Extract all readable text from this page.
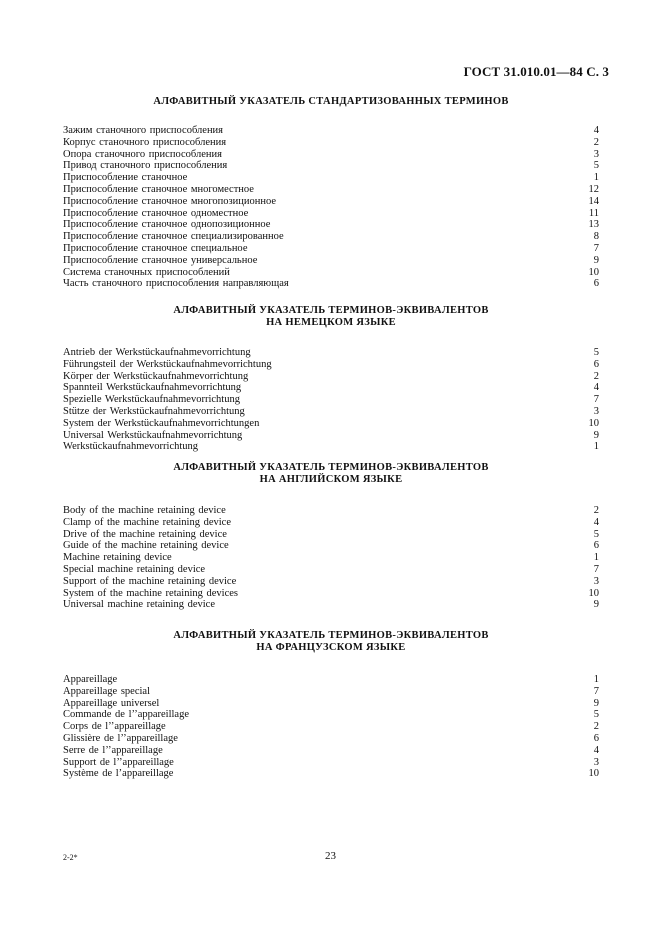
ГОСТ 31.010.01—84 С. 3
АЛФАВИТНЫЙ УКАЗАТЕЛЬ СТАНДАРТИЗОВАННЫХ ТЕРМИНОВ
Зажим станочного приспособления	4
Корпус станочного приспособления	2
Опора станочного приспособления	3
Привод станочного приспособления	5
Приспособление станочное	1
Приспособление станочное многоместное	12
Приспособление станочное многопозиционное	14
Приспособление станочное одноместное	11
Приспособление станочное однопозиционное	13
Приспособление станочное специализированное	8
Приспособление станочное специальное	7
Приспособление станочное универсальное	9
Система станочных приспособлений	10
Часть станочного приспособления направляющая	6
АЛФАВИТНЫЙ УКАЗАТЕЛЬ ТЕРМИНОВ-ЭКВИВАЛЕНТОВ
НА НЕМЕЦКОМ ЯЗЫКЕ
Antrieb der Werkstückaufnahmevorrichtung	5
Führungsteil der Werkstückaufnahmevorrichtung	6
Körper der Werkstückaufnahmevorrichtung	2
Spannteil Werkstückaufnahmevorrichtung	4
Spezielle Werkstückaufnahmevorrichtung	7
Stütze der Werkstückaufnahmevorrichtung	3
System der Werkstückaufnahmevorrichtungen	10
Universal Werkstückaufnahmevorrichtung	9
Werkstückaufnahmevorrichtung	1
АЛФАВИТНЫЙ УКАЗАТЕЛЬ ТЕРМИНОВ-ЭКВИВАЛЕНТОВ
НА АНГЛИЙСКОМ ЯЗЫКЕ
Body of the machine retaining device	2
Clamp of the machine retaining device	4
Drive of the machine retaining device	5
Guide of the machine retaining device	6
Machine retaining device	1
Special machine retaining device	7
Support of the machine retaining device	3
System of the machine retaining devices	10
Universal machine retaining device	9
АЛФАВИТНЫЙ УКАЗАТЕЛЬ ТЕРМИНОВ-ЭКВИВАЛЕНТОВ
НА ФРАНЦУЗСКОМ ЯЗЫКЕ
Appareillage	1
Appareillage special	7
Appareillage universel	9
Commande de l’’appareillage	5
Corps de l’’appareillage	2
Glissière de l’’appareillage	6
Serre de l’’appareillage	4
Support de l’’appareillage	3
Système de l’appareillage	10
2-2*	23
